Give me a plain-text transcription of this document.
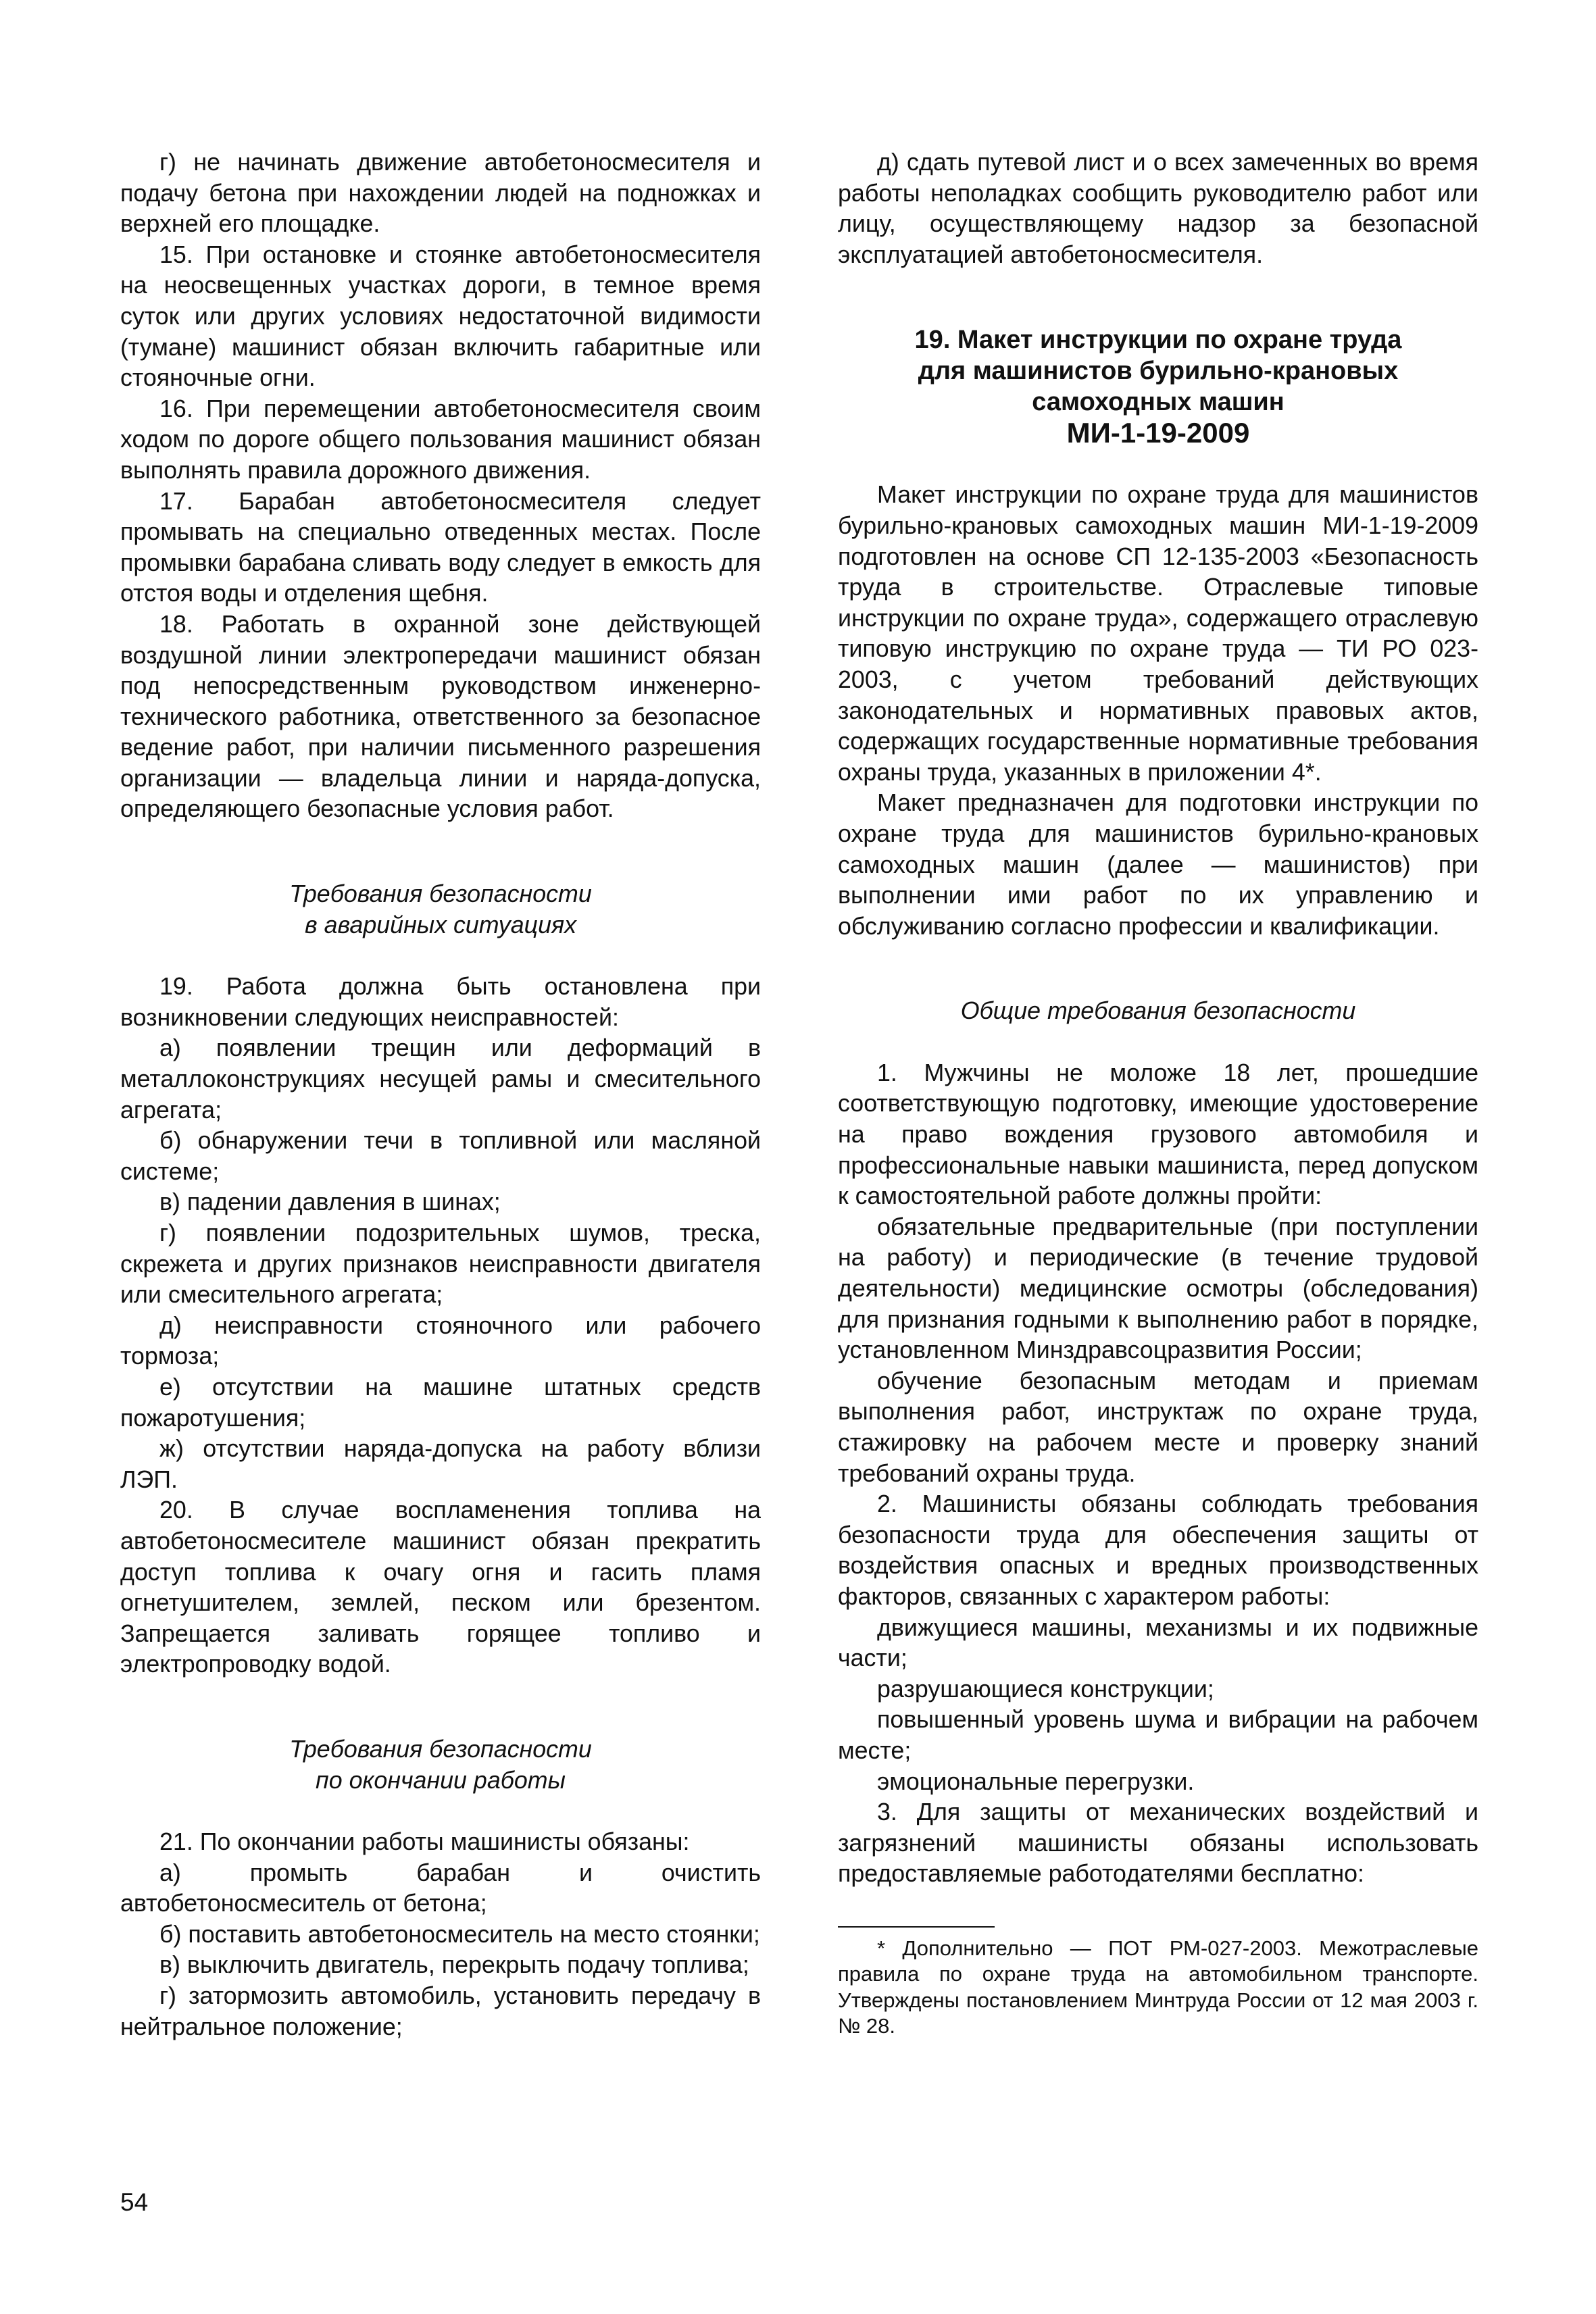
г) не начинать движение автобетоносмесителя и подачу бетона при нахождении людей на подножках и верхней его площадке.

15. При остановке и стоянке автобетоносмесителя на неосвещенных участках дороги, в темное время суток или других условиях недостаточной видимости (тумане) машинист обязан включить габаритные или стояночные огни.

16. При перемещении автобетоносмесителя своим ходом по дороге общего пользования машинист обязан выполнять правила дорожного движения.

17. Барабан автобетоносмесителя следует промывать на специально отведенных местах. После промывки барабана сливать воду следует в емкость для отстоя воды и отделения щебня.

18. Работать в охранной зоне действующей воздушной линии электропередачи машинист обязан под непосредственным руководством инженерно-технического работника, ответственного за безопасное ведение работ, при наличии письменного разрешения организации — владельца линии и наряда-допуска, определяющего безопасные условия работ.

Требования безопасности
в аварийных ситуациях

19. Работа должна быть остановлена при возникновении следующих неисправностей:

а) появлении трещин или деформаций в металлоконструкциях несущей рамы и смесительного агрегата;

б) обнаружении течи в топливной или масляной системе;

в) падении давления в шинах;

г) появлении подозрительных шумов, треска, скрежета и других признаков неисправности двигателя или смесительного агрегата;

д) неисправности стояночного или рабочего тормоза;

е) отсутствии на машине штатных средств пожаротушения;

ж) отсутствии наряда-допуска на работу вблизи ЛЭП.

20. В случае воспламенения топлива на автобетоносмесителе машинист обязан прекратить доступ топлива к очагу огня и гасить пламя огнетушителем, землей, песком или брезентом. Запрещается заливать горящее топливо и электропроводку водой.

Требования безопасности
по окончании работы

21. По окончании работы машинисты обязаны:

а) промыть барабан и очистить автобетоносмеситель от бетона;

б) поставить автобетоносмеситель на место стоянки;

в) выключить двигатель, перекрыть подачу топлива;

г) затормозить автомобиль, установить передачу в нейтральное положение;

д) сдать путевой лист и о всех замеченных во время работы неполадках сообщить руководителю работ или лицу, осуществляющему надзор за безопасной эксплуатацией автобетоносмесителя.

19. Макет инструкции по охране труда
для машинистов бурильно-крановых
самоходных машин
МИ-1-19-2009

Макет инструкции по охране труда для машинистов бурильно-крановых самоходных машин МИ-1-19-2009 подготовлен на основе СП 12-135-2003 «Безопасность труда в строительстве. Отраслевые типовые инструкции по охране труда», содержащего отраслевую типовую инструкцию по охране труда — ТИ РО 023-2003, с учетом требований действующих законодательных и нормативных правовых актов, содержащих государственные нормативные требования охраны труда, указанных в приложении 4*.

Макет предназначен для подготовки инструкции по охране труда для машинистов бурильно-крановых самоходных машин (далее — машинистов) при выполнении ими работ по их управлению и обслуживанию согласно профессии и квалификации.

Общие требования безопасности

1. Мужчины не моложе 18 лет, прошедшие соответствующую подготовку, имеющие удостоверение на право вождения грузового автомобиля и профессиональные навыки машиниста, перед допуском к самостоятельной работе должны пройти:

обязательные предварительные (при поступлении на работу) и периодические (в течение трудовой деятельности) медицинские осмотры (обследования) для признания годными к выполнению работ в порядке, установленном Минздравсоцразвития России;

обучение безопасным методам и приемам выполнения работ, инструктаж по охране труда, стажировку на рабочем месте и проверку знаний требований охраны труда.

2. Машинисты обязаны соблюдать требования безопасности труда для обеспечения защиты от воздействия опасных и вредных производственных факторов, связанных с характером работы:

движущиеся машины, механизмы и их подвижные части;

разрушающиеся конструкции;

повышенный уровень шума и вибрации на рабочем месте;

эмоциональные перегрузки.

3. Для защиты от механических воздействий и загрязнений машинисты обязаны использовать предоставляемые работодателями бесплатно:

* Дополнительно — ПОТ РМ-027-2003. Межотраслевые правила по охране труда на автомобильном транспорте. Утверждены постановлением Минтруда России от 12 мая 2003 г. № 28.

54
